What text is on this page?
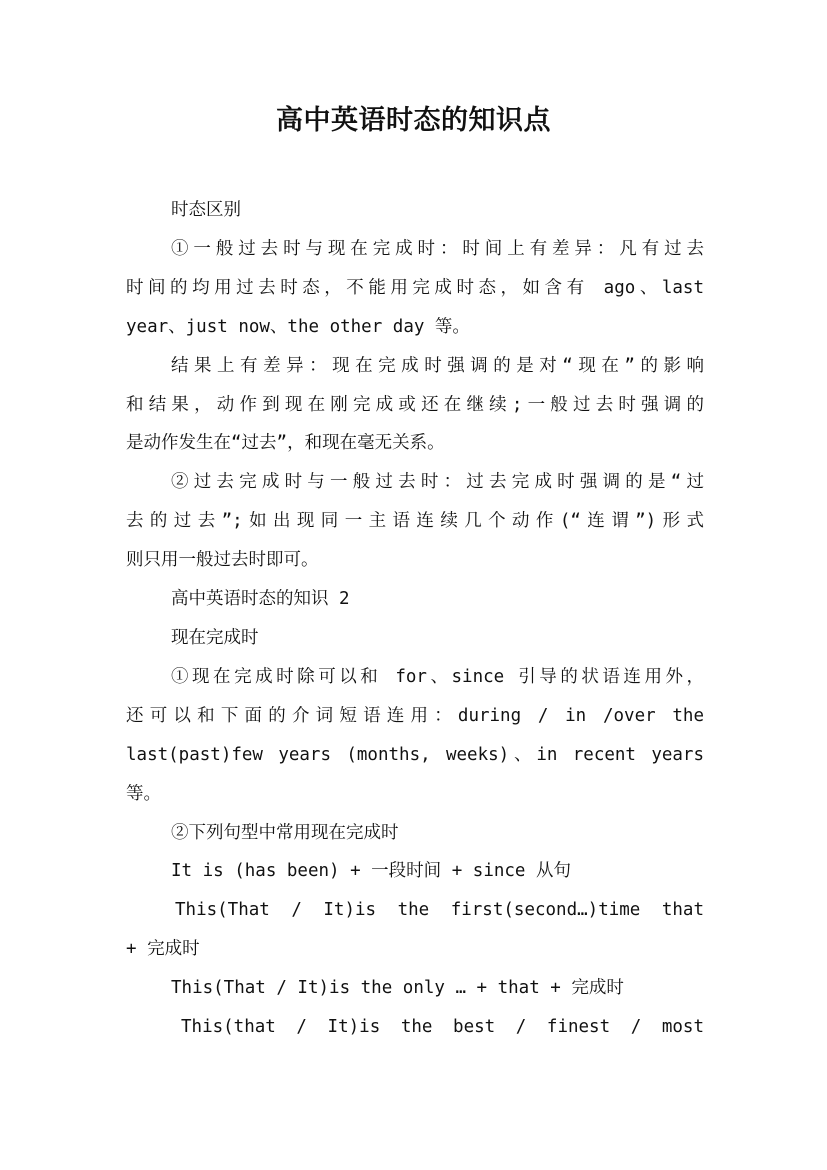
高中英语时态的知识点

时态区别

①一般过去时与现在完成时：时间上有差异：凡有过去

时间的均用过去时态，不能用完成时态，如含有 ago、last

year、just now、the other day 等。

结果上有差异：现在完成时强调的是对“现在”的影响

和结果，动作到现在刚完成或还在继续;一般过去时强调的

是动作发生在“过去”，和现在毫无关系。

②过去完成时与一般过去时：过去完成时强调的是“过

去的过去”;如出现同一主语连续几个动作(“连谓”)形式

则只用一般过去时即可。

高中英语时态的知识 2

现在完成时

①现在完成时除可以和 for、since 引导的状语连用外，

还可以和下面的介词短语连用：during / in /over the

last(past)few years (months, weeks)、in recent years

等。

②下列句型中常用现在完成时

It is (has been) + 一段时间 + since 从句

This(That / It)is the first(second…)time that

+ 完成时

This(That / It)is the only … + that + 完成时

This(that / It)is the best / finest / most
